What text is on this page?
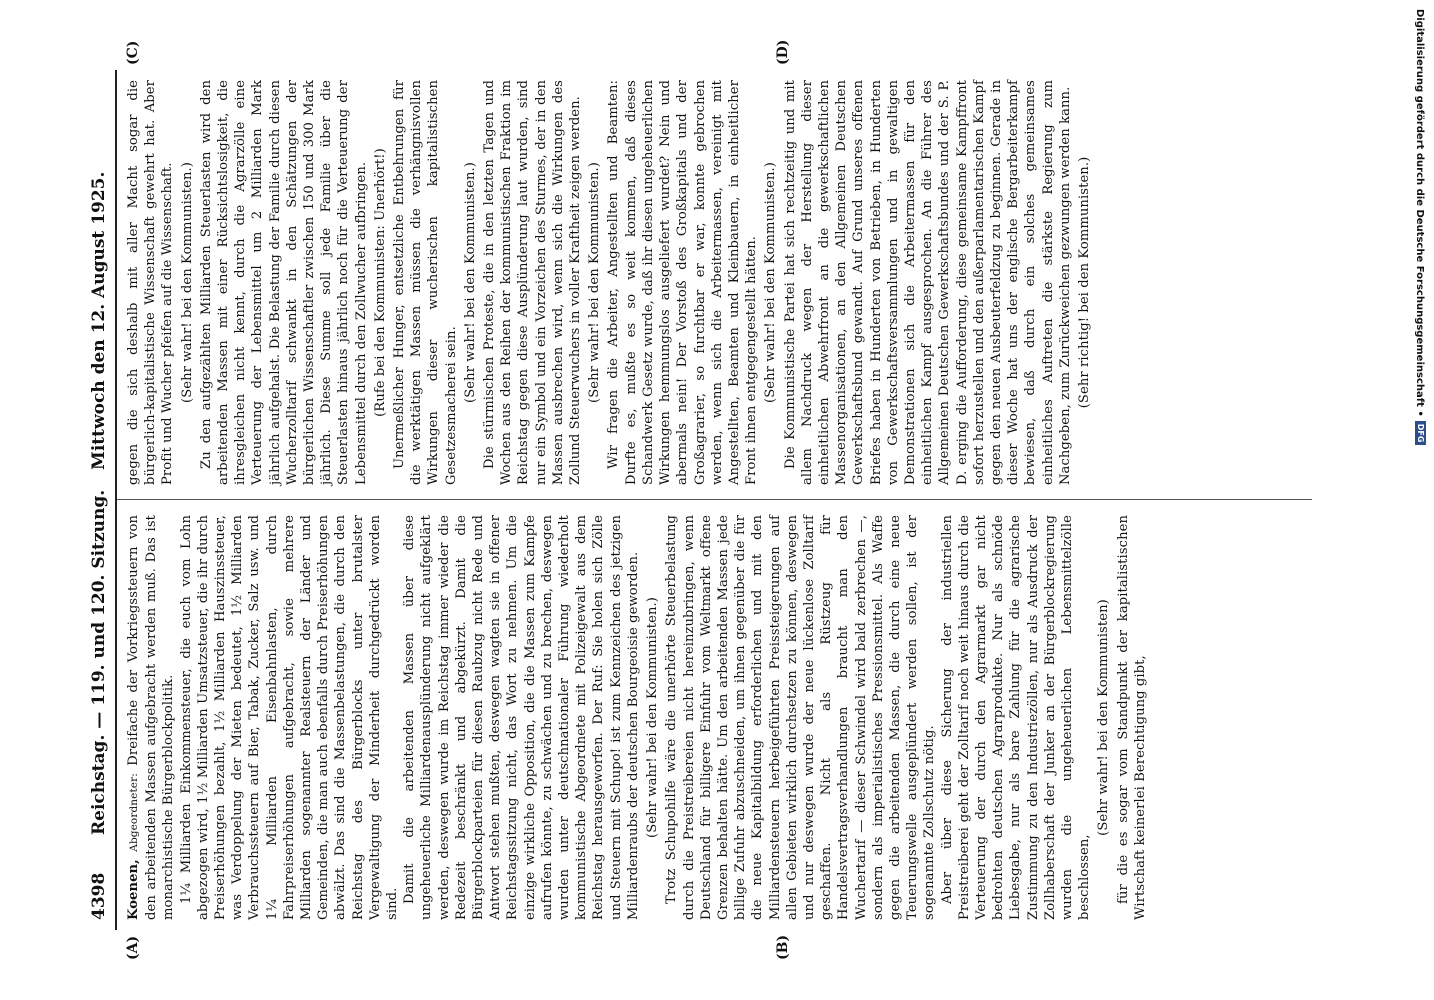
4398
Reichstag. — 119. und 120. Sitzung.
Mittwoch den 12. August 1925.
(A)	(B)
(C)	(D)

Koenen, Abgeordneter: Dreifache der Vorkriegssteuern von den arbeitenden Massen aufgebracht werden muß. Das ist monarchistische Bürgerblockpolitik. 1¼ Milliarden Einkommensteuer, die euch vom Lohn abgezogen wird, 1½ Milliarden Umsatzsteuer, die ihr durch Preiserhöhungen bezahlt, 1½ Milliarden Hauszinssteuer, was Verdoppelung der Mieten bedeutet, 1½ Milliarden Verbrauchssteuern auf Bier, Tabak, Zucker, Salz usw. und 1¼ Milliarden Eisenbahnlasten, durch Fahrpreiserhöhungen aufgebracht, sowie mehrere Milliarden sogenannter Realsteuern der Länder und Gemeinden, die man auch ebenfalls durch Preiserhöhungen abwälzt. Das sind die Massenbelastungen, die durch den Reichstag des Bürgerblocks unter brutalster Vergewaltigung der Minderheit durchgedrückt worden sind. Damit die arbeitenden Massen über diese ungeheuerliche Milliardenausplünderung nicht aufgeklärt werden, deswegen wurde im Reichstag immer wieder die Redezeit beschränkt und abgekürzt. Damit die Bürgerblockparteien für diesen Raubzug nicht Rede und Antwort stehen mußten, deswegen wagten sie in offener Reichstagssitzung nicht, das Wort zu nehmen. Um die einzige wirkliche Opposition, die die Massen zum Kampfe aufrufen könnte, zu schwächen und zu brechen, deswegen wurden unter deutschnationaler Führung wiederholt kommunistische Abgeordnete mit Polizeigewalt aus dem Reichstag herausgeworfen. Der Ruf: Sie holen sich Zölle und Steuern mit Schupo! ist zum Kennzeichen des jetzigen Milliardenraubs der deutschen Bourgeoisie geworden. (Sehr wahr! bei den Kommunisten.) Trotz Schupohilfe wäre die unerhörte Steuerbelastung durch die Preistreibereien nicht hereinzubringen, wenn Deutschland für billigere Einfuhr vom Weltmarkt offene Grenzen behalten hätte. Um den arbeitenden Massen jede billige Zufuhr abzuschneiden, um ihnen gegenüber die für die neue Kapitalbildung erforderlichen und mit den Milliardensteuern herbeigeführten Preissteigerungen auf allen Gebieten wirklich durchsetzen zu können, deswegen und nur deswegen wurde der neue lückenlose Zolltarif geschaffen. Nicht als Rüstzeug für Handelsvertragsverhandlungen braucht man den Wuchertarif — dieser Schwindel wird bald zerbrechen —, sondern als imperialistisches Pressionsmittel. Als Waffe gegen die arbeitenden Massen, die durch eine neue Teuerungswelle ausgeplündert werden sollen, ist der sogenannte Zollschutz nötig. Aber über diese Sicherung der industriellen Preistreiberei geht der Zolltarif noch weit hinaus durch die Verteuerung der durch den Agrarmarkt gar nicht bedrohten deutschen Agrarprodukte. Nur als schnöde Liebesgabe, nur als bare Zahlung für die agrarische Zustimmung zu den Industriezöllen, nur als Ausdruck der Zollhaberschaft der Junker an der Bürgerblockregierung wurden die ungeheuerlichen Lebensmittelzölle beschlossen,

(Sehr wahr! bei den Kommunisten) für die es sogar vom Standpunkt der kapitalistischen Wirtschaft keinerlei Berechtigung gibt,

gegen die sich deshalb mit aller Macht sogar die bürgerlich-kapitalistische Wissenschaft gewehrt hat. Aber Profit und Wucher pfeifen auf die Wissenschaft. (Sehr wahr! bei den Kommunisten.) Zu den aufgezählten Milliarden Steuerlasten wird den arbeitenden Massen mit einer Rücksichtslosigkeit, die ihresgleichen nicht kennt, durch die Agrarzölle eine Verteuerung der Lebensmittel um 2 Milliarden Mark jährlich aufgehalst. Die Belastung der Familie durch diesen Wucherzolltarif schwankt in den Schätzungen der bürgerlichen Wissenschaftler zwischen 150 und 300 Mark jährlich. Diese Summe soll jede Familie über die Steuerlasten hinaus jährlich noch für die Verteuerung der Lebensmittel durch den Zollwucher aufbringen. (Rufe bei den Kommunisten: Unerhört!) Unermeßlicher Hunger, entsetzliche Entbehrungen für die werktätigen Massen müssen die verhängnisvollen Wirkungen dieser wucherischen kapitalistischen Gesetzesmacherei sein.

(Sehr wahr! bei den Kommunisten.) Die stürmischen Proteste, die in den letzten Tagen und Wochen aus den Reihen der kommunistischen Fraktion im Reichstag gegen diese Ausplünderung laut wurden, sind nur ein Symbol und ein Vorzeichen des Sturmes, der in den Massen ausbrechen wird, wenn sich die Wirkungen des Zollund Steuerwuchers in voller Kraftheit zeigen werden. (Sehr wahr! bei den Kommunisten.) Wir fragen die Arbeiter, Angestellten und Beamten: Durfte es, mußte es so weit kommen, daß dieses Schandwerk Gesetz wurde, daß ihr diesen ungeheuerlichen Wirkungen hemmungslos ausgeliefert wurdet? Nein und abermals nein! Der Vorstoß des Großkapitals und der Großagrarier, so furchtbar er war, konnte gebrochen werden, wenn sich die Arbeitermassen, vereinigt mit Angestellten, Beamten und Kleinbauern, in einheitlicher Front ihnen entgegengestellt hätten. (Sehr wahr! bei den Kommunisten.) Die Kommunistische Partei hat sich rechtzeitig und mit allem Nachdruck wegen der Herstellung dieser einheitlichen Abwehrfront an die gewerkschaftlichen Massenorganisationen, an den Allgemeinen Deutschen Gewerkschaftsbund gewandt. Auf Grund unseres offenen Briefes haben in Hunderten von Betrieben, in Hunderten von Gewerkschaftsversammlungen und in gewaltigen Demonstrationen sich die Arbeitermassen für den einheitlichen Kampf ausgesprochen. An die Führer des Allgemeinen Deutschen Gewerkschaftsbundes und der S. P. D. erging die Aufforderung, diese gemeinsame Kampffront sofort herzustellen und den außerparlamentarischen Kampf gegen den neuen Ausbeuterfeldzug zu beginnen. Gerade in dieser Woche hat uns der englische Bergarbeiterkampf bewiesen, daß durch ein solches gemeinsames einheitliches Auftreten die stärkste Regierung zum Nachgeben, zum Zurückweichen gezwungen werden kann. (Sehr richtig! bei den Kommunisten.)	Digitalisierung gefördert durch die Deutsche Forschungsgemeinschaft •DFG
